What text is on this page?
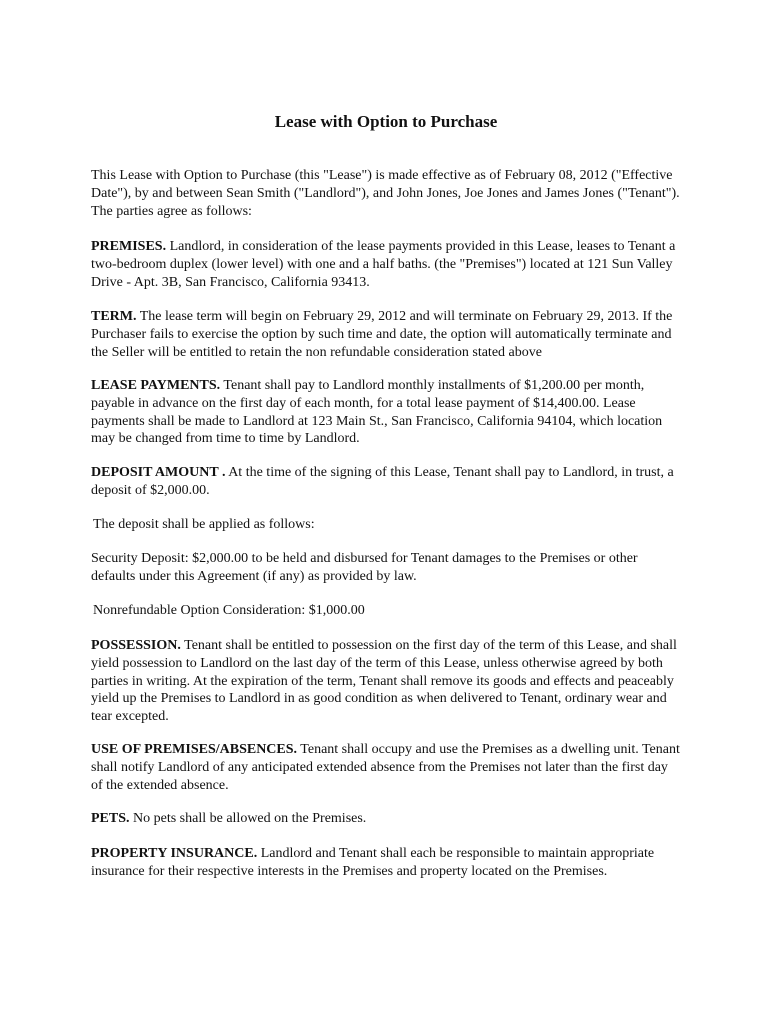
Lease with Option to Purchase

This Lease with Option to Purchase (this "Lease") is made effective as of February 08, 2012 ("Effective Date"), by and between Sean Smith ("Landlord"), and John Jones, Joe Jones and James Jones ("Tenant"). The parties agree as follows:

PREMISES. Landlord, in consideration of the lease payments provided in this Lease, leases to Tenant a two-bedroom duplex (lower level) with one and a half baths. (the "Premises") located at 121 Sun Valley Drive - Apt. 3B, San Francisco, California 93413.

TERM. The lease term will begin on February 29, 2012 and will terminate on February 29, 2013. If the Purchaser fails to exercise the option by such time and date, the option will automatically terminate and the Seller will be entitled to retain the non refundable consideration stated above

LEASE PAYMENTS. Tenant shall pay to Landlord monthly installments of $1,200.00 per month, payable in advance on the first day of each month, for a total lease payment of $14,400.00. Lease payments shall be made to Landlord at 123 Main St., San Francisco, California 94104, which location may be changed from time to time by Landlord.

DEPOSIT AMOUNT . At the time of the signing of this Lease, Tenant shall pay to Landlord, in trust, a deposit of $2,000.00.

The deposit shall be applied as follows:

Security Deposit: $2,000.00 to be held and disbursed for Tenant damages to the Premises or other defaults under this Agreement (if any) as provided by law.

Nonrefundable Option Consideration: $1,000.00

POSSESSION. Tenant shall be entitled to possession on the first day of the term of this Lease, and shall yield possession to Landlord on the last day of the term of this Lease, unless otherwise agreed by both parties in writing. At the expiration of the term, Tenant shall remove its goods and effects and peaceably yield up the Premises to Landlord in as good condition as when delivered to Tenant, ordinary wear and tear excepted.

USE OF PREMISES/ABSENCES. Tenant shall occupy and use the Premises as a dwelling unit. Tenant shall notify Landlord of any anticipated extended absence from the Premises not later than the first day of the extended absence.

PETS. No pets shall be allowed on the Premises.

PROPERTY INSURANCE. Landlord and Tenant shall each be responsible to maintain appropriate insurance for their respective interests in the Premises and property located on the Premises.
